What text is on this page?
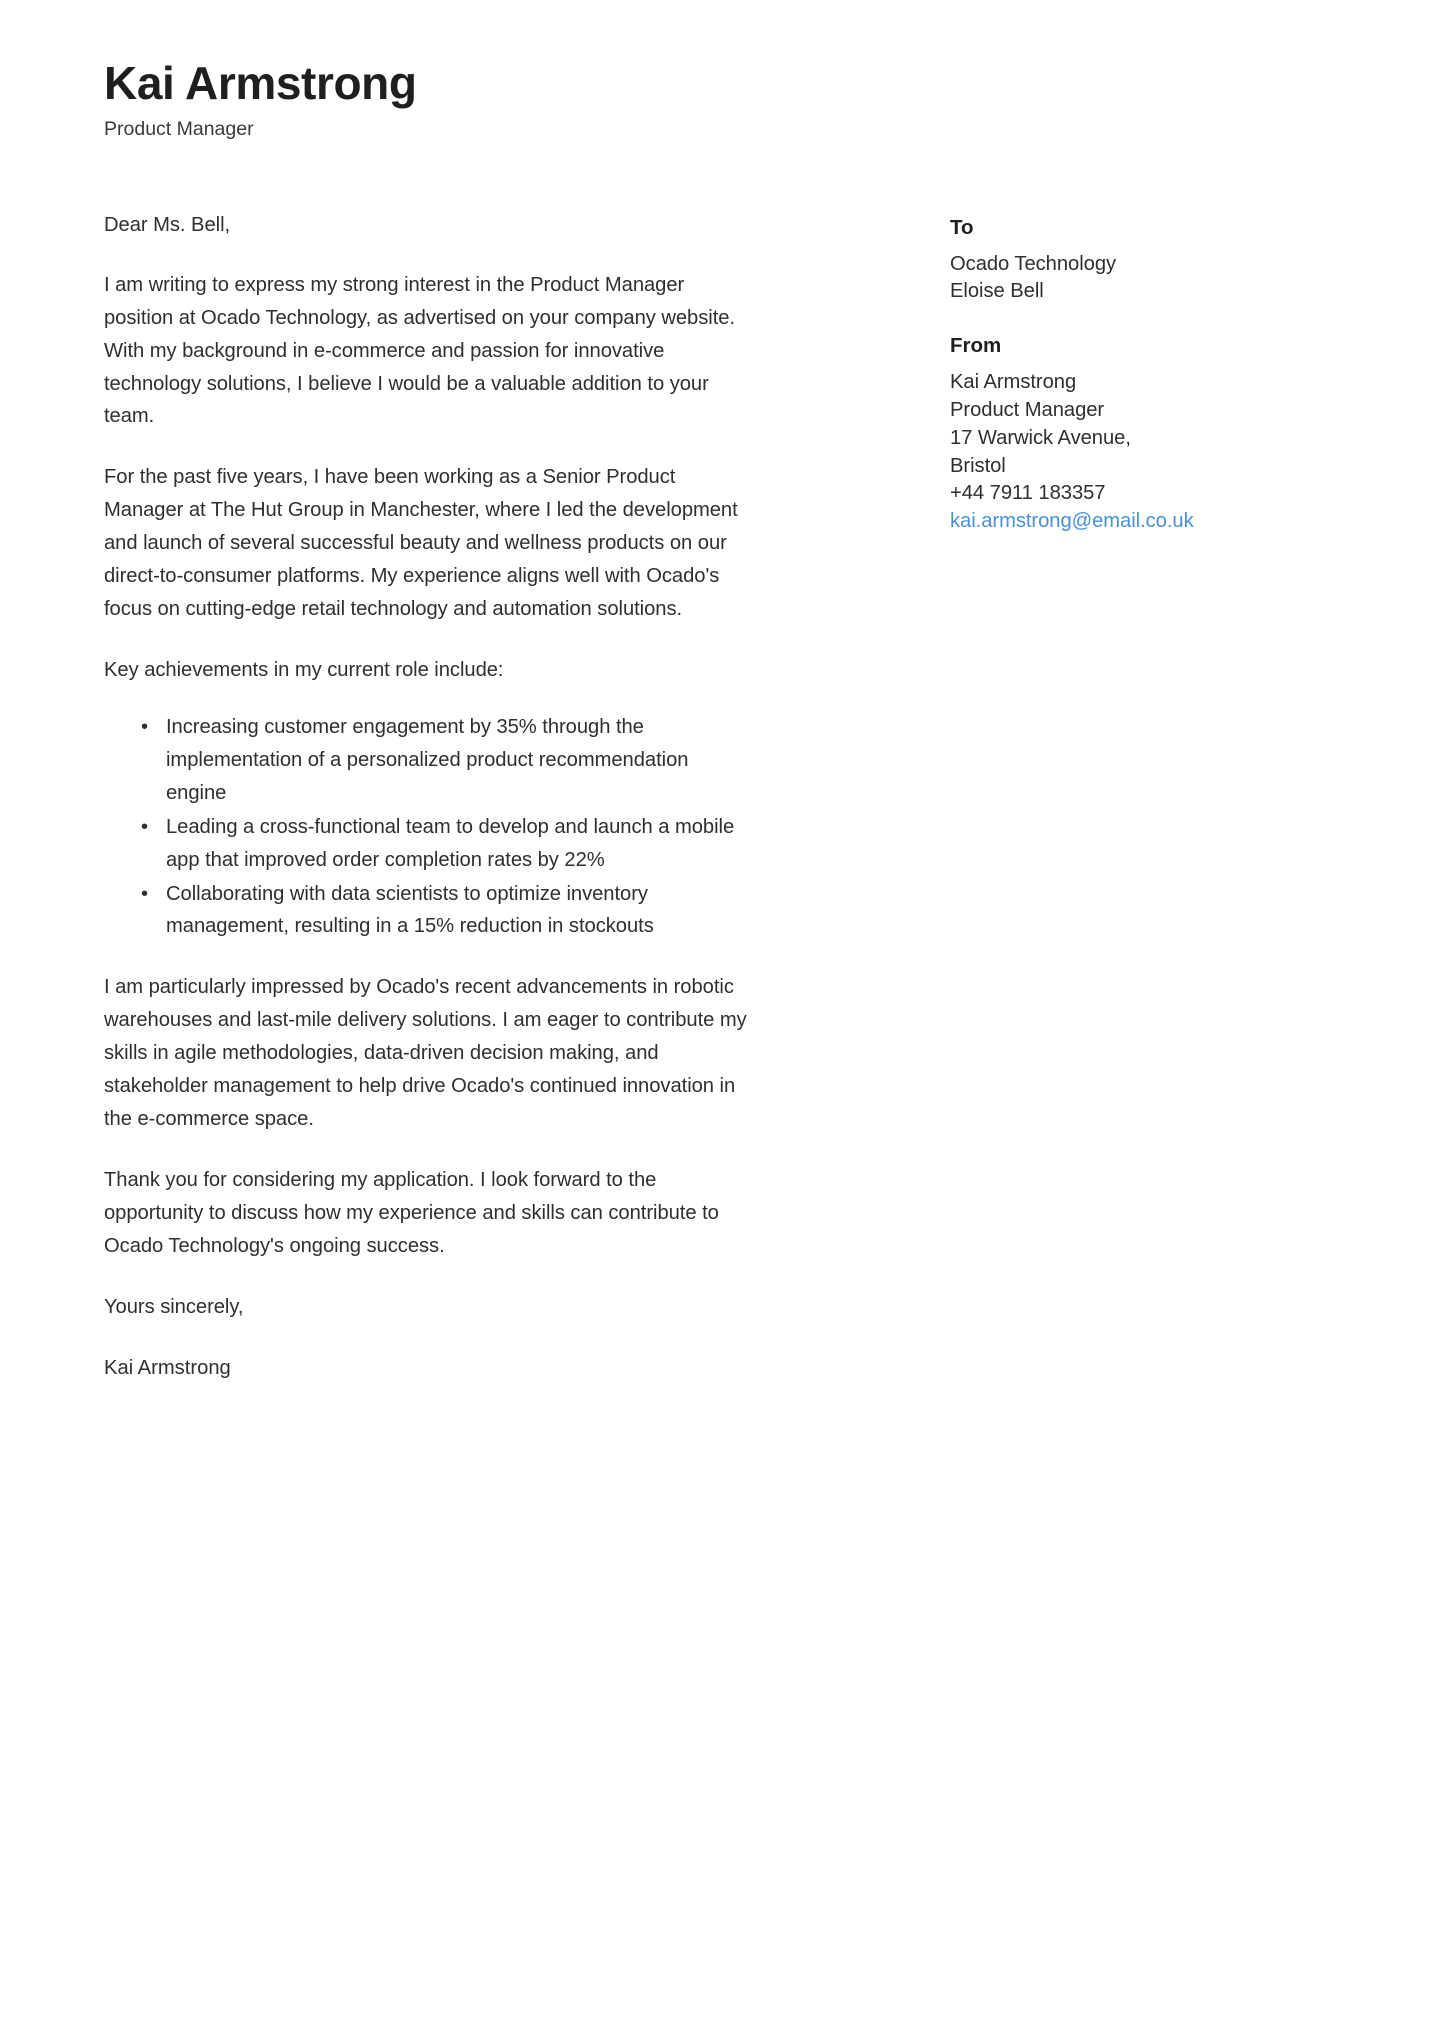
Kai Armstrong
Product Manager

Dear Ms. Bell,

I am writing to express my strong interest in the Product Manager position at Ocado Technology, as advertised on your company website. With my background in e-commerce and passion for innovative technology solutions, I believe I would be a valuable addition to your team.

For the past five years, I have been working as a Senior Product Manager at The Hut Group in Manchester, where I led the development and launch of several successful beauty and wellness products on our direct-to-consumer platforms. My experience aligns well with Ocado's focus on cutting-edge retail technology and automation solutions.

Key achievements in my current role include:

• Increasing customer engagement by 35% through the implementation of a personalized product recommendation engine
• Leading a cross-functional team to develop and launch a mobile app that improved order completion rates by 22%
• Collaborating with data scientists to optimize inventory management, resulting in a 15% reduction in stockouts

I am particularly impressed by Ocado's recent advancements in robotic warehouses and last-mile delivery solutions. I am eager to contribute my skills in agile methodologies, data-driven decision making, and stakeholder management to help drive Ocado's continued innovation in the e-commerce space.

Thank you for considering my application. I look forward to the opportunity to discuss how my experience and skills can contribute to Ocado Technology's ongoing success.

Yours sincerely,

Kai Armstrong

To
Ocado Technology
Eloise Bell
From
Kai Armstrong
Product Manager
17 Warwick Avenue,
Bristol
+44 7911 183357
kai.armstrong@email.co.uk
